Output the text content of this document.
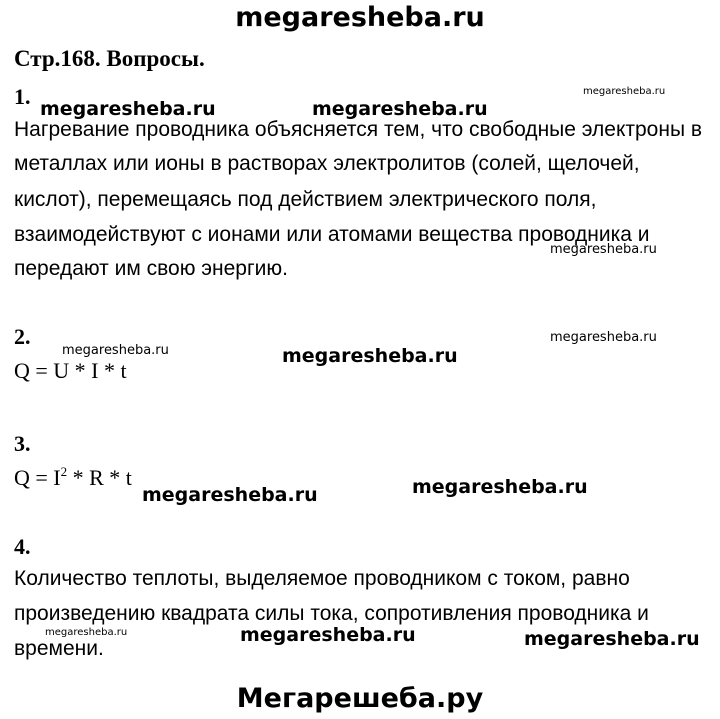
megaresheba.ru
Стр.168. Вопросы.
1.
Нагревание проводника объясняется тем, что свободные электроны в
металлах или ионы в растворах электролитов (солей, щелочей,
кислот), перемещаясь под действием электрического поля,
взаимодействуют с ионами или атомами вещества проводника и
передают им свою энергию.
2.
Q = U * I * t
3.
$Q = I^2 * R * t$
4.
Количество теплоты, выделяемое проводником с током, равно
произведению квадрата силы тока, сопротивления проводника и
времени.
megaresheba.ru	megaresheba.ru
megaresheba.ru
megaresheba.ru
megaresheba.ru
megaresheba.ru	megaresheba.ru
megaresheba.ru	megaresheba.ru
megaresheba.ru	megaresheba.ru	megaresheba.ru
Мегарешеба.ру
